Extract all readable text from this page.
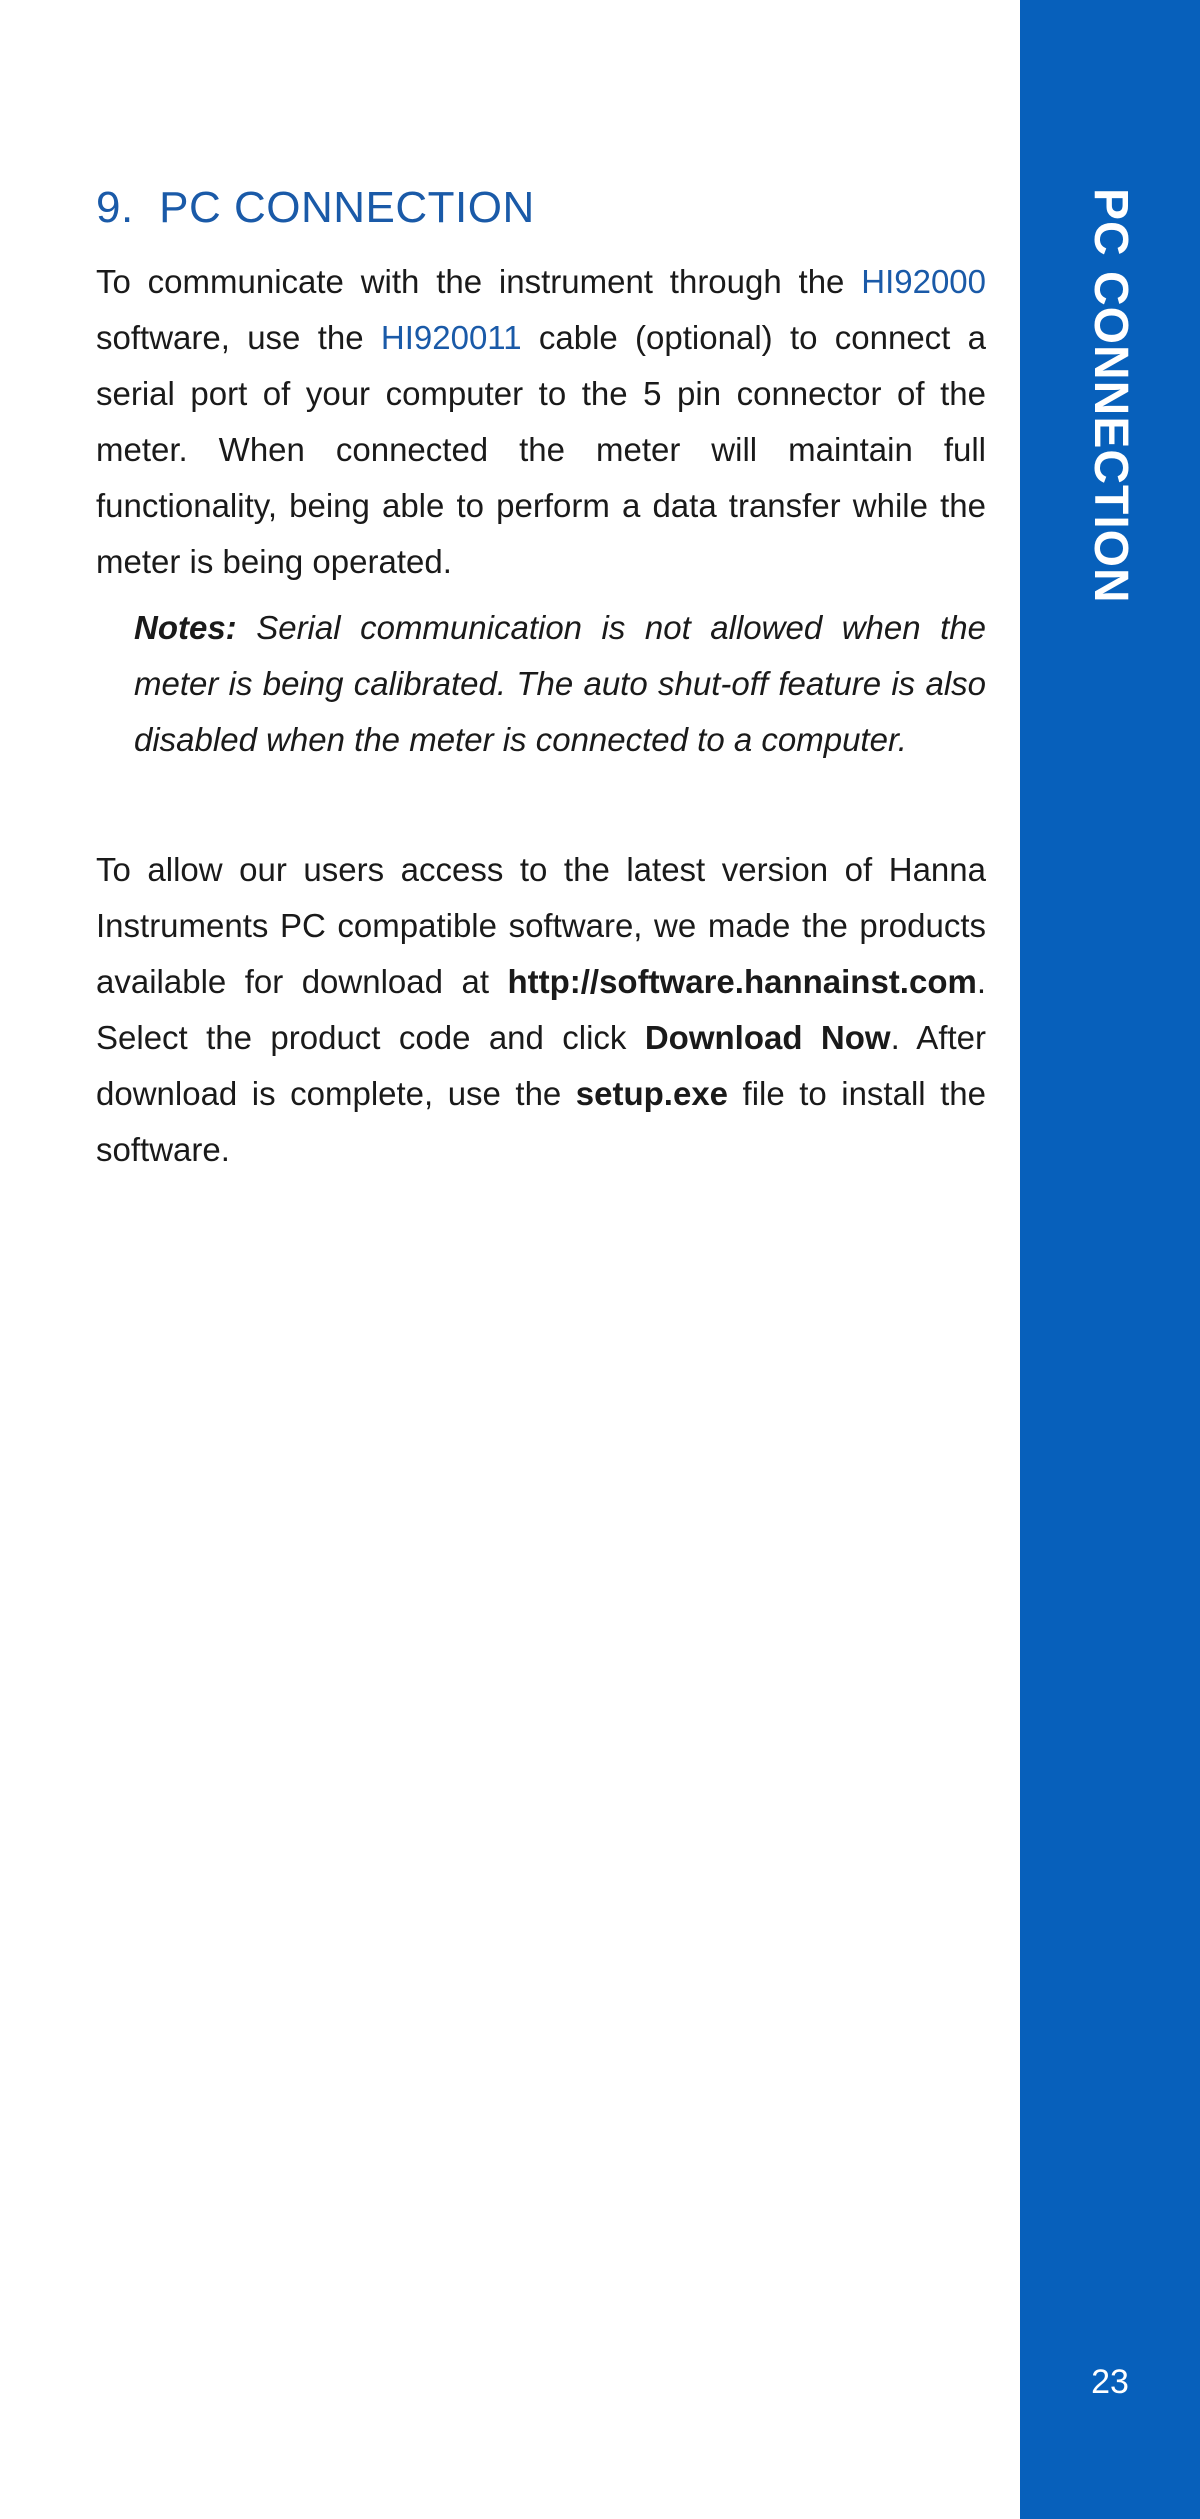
9. PC CONNECTION

To communicate with the instrument through the HI92000 software, use the HI920011 cable (optional) to connect a serial port of your computer to the 5 pin connector of the meter. When connected the meter will maintain full functionality, being able to perform a data transfer while the meter is being operated.

Notes: Serial communication is not allowed when the meter is being calibrated. The auto shut-off feature is also disabled when the meter is connected to a computer.

To allow our users access to the latest version of Hanna Instruments PC compatible software, we made the products available for download at http://software.hannainst.com. Select the product code and click Download Now. After download is complete, use the setup.exe file to install the software.

PC CONNECTION
23
